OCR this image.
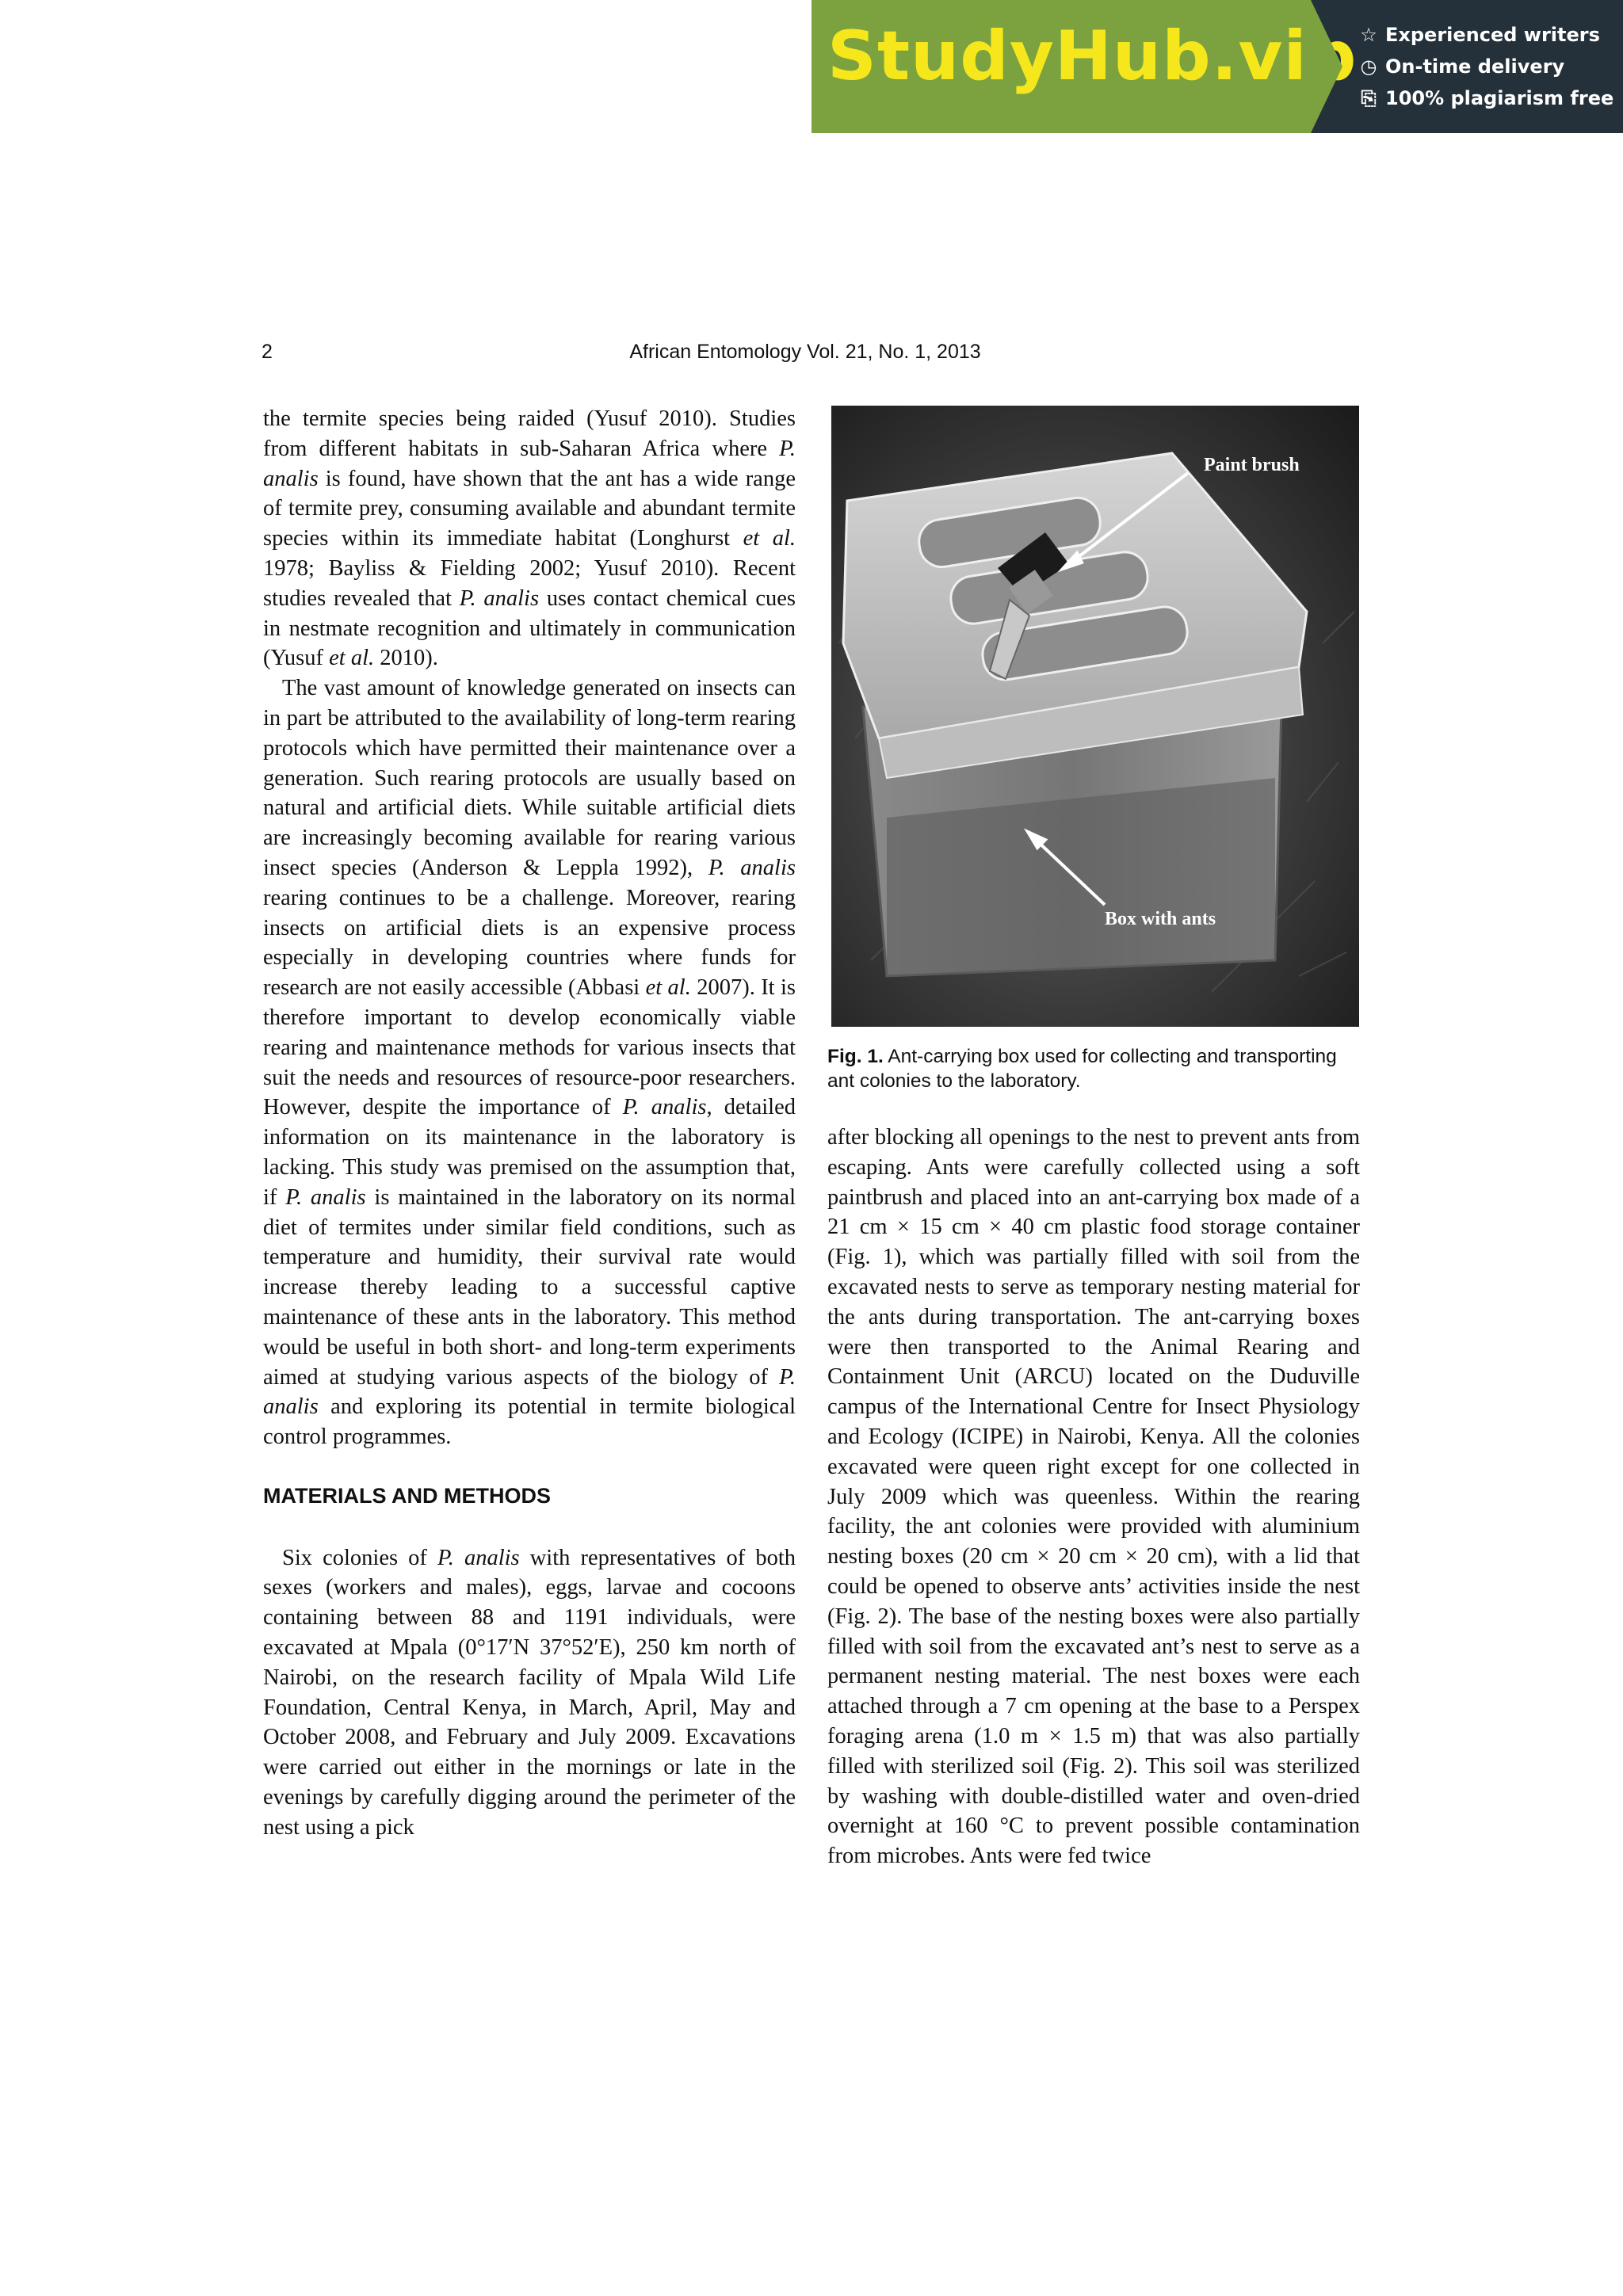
StudyHub.vip ☆ Experienced writers
◷ On-time delivery
⎘ 100% plagiarism free
2	African Entomology Vol. 21, No. 1, 2013

the termite species being raided (Yusuf 2010). Studies from different habitats in sub-Saharan Africa where P. analis is found, have shown that the ant has a wide range of termite prey, consuming available and abundant termite species within its immediate habitat (Longhurst et al. 1978; Bayliss & Fielding 2002; Yusuf 2010). Recent studies revealed that P. analis uses contact chemical cues in nestmate recognition and ultimately in communication (Yusuf et al. 2010).

The vast amount of knowledge generated on insects can in part be attributed to the availability of long-term rearing protocols which have permitted their maintenance over a generation. Such rearing protocols are usually based on natural and artificial diets. While suitable artificial diets are increasingly becoming available for rearing various insect species (Anderson & Leppla 1992), P. analis rearing continues to be a challenge. Moreover, rearing insects on artificial diets is an expensive process especially in developing countries where funds for research are not easily accessible (Abbasi et al. 2007). It is therefore important to develop economically viable rearing and maintenance methods for various insects that suit the needs and resources of resource-poor researchers. However, despite the importance of P. analis, detailed information on its maintenance in the laboratory is lacking. This study was premised on the assumption that, if P. analis is maintained in the laboratory on its normal diet of termites under similar field conditions, such as temperature and humidity, their survival rate would increase thereby leading to a successful captive maintenance of these ants in the laboratory. This method would be useful in both short- and long-term experiments aimed at studying various aspects of the biology of P. analis and exploring its potential in termite biological control programmes.

MATERIALS AND METHODS

Six colonies of P. analis with representatives of both sexes (workers and males), eggs, larvae and cocoons containing between 88 and 1191 individuals, were excavated at Mpala (0°17′N 37°52′E), 250 km north of Nairobi, on the research facility of Mpala Wild Life Foundation, Central Kenya, in March, April, May and October 2008, and February and July 2009. Excavations were carried out either in the mornings or late in the evenings by carefully digging around the perimeter of the nest using a pick

Paint brush
Box with ants
Fig. 1. Ant-carrying box used for collecting and transporting ant colonies to the laboratory.

after blocking all openings to the nest to prevent ants from escaping. Ants were carefully collected using a soft paintbrush and placed into an ant-carrying box made of a 21 cm × 15 cm × 40 cm plastic food storage container (Fig. 1), which was partially filled with soil from the excavated nests to serve as temporary nesting material for the ants during transportation. The ant-carrying boxes were then transported to the Animal Rearing and Containment Unit (ARCU) located on the Duduville campus of the International Centre for Insect Physiology and Ecology (ICIPE) in Nairobi, Kenya. All the colonies excavated were queen right except for one collected in July 2009 which was queenless. Within the rearing facility, the ant colonies were provided with aluminium nesting boxes (20 cm × 20 cm × 20 cm), with a lid that could be opened to observe ants’ activities inside the nest (Fig. 2). The base of the nesting boxes were also partially filled with soil from the excavated ant’s nest to serve as a permanent nesting material. The nest boxes were each attached through a 7 cm opening at the base to a Perspex foraging arena (1.0 m × 1.5 m) that was also partially filled with sterilized soil (Fig. 2). This soil was sterilized by washing with double-distilled water and oven-dried overnight at 160 °C to prevent possible contamination from microbes. Ants were fed twice
